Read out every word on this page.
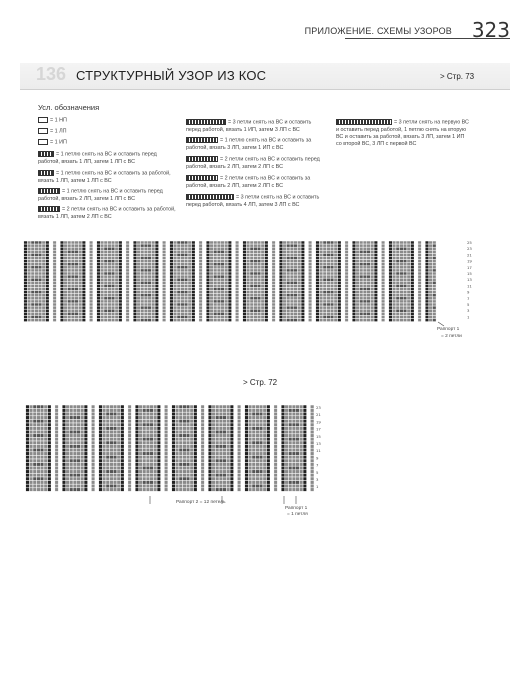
ПРИЛОЖЕНИЕ. СХЕМЫ УЗОРОВ 323
136 СТРУКТУРНЫЙ УЗОР ИЗ КОС	> Стр. 73
Усл. обозначения
= 1 НП
= 1 ЛП
= 1 ИП
= 1 петлю снять на ВС и оставить перед работой, вязать 1 ЛП, затем 1 ЛП с ВС
= 1 петлю снять на ВС и оставить за работой, вязать 1 ЛП, затем 1 ЛП с ВС
= 1 петлю снять на ВС и оставить перед работой, вязать 2 ЛП, затем 1 ЛП с ВС
= 2 петли снять на ВС и оставить за работой, вязать 1 ЛП, затем 2 ЛП с ВС
= 3 петли снять на ВС и оставить перед работой, вязать 1 ИП, затем 3 ЛП с ВС
= 1 петлю снять на ВС и оставить за работой, вязать 3 ЛП, затем 1 ИП с ВС
= 2 петли снять на ВС и оставить перед работой, вязать 2 ЛП, затем 2 ЛП с ВС
= 2 петли снять на ВС и оставить за работой, вязать 2 ЛП, затем 2 ЛП с ВС
= 3 петли снять на ВС и оставить перед работой, вязать 4 ЛП, затем 3 ЛП с ВС
= 3 петли снять на первую ВС и оставить перед работой, 1 петлю снять на вторую ВС и оставить за работой, вязать 3 ЛП, затем 1 ИП со второй ВС, 3 ЛП с первой ВС
25
23
21
19
17
15
13
11
9
7
5
3
1
23
21
19
17
15
13
11
9
7
5
3
1
Раппорт 1
= 2 петли
> Стр. 72
Раппорт 2 = 12 петель
Раппорт 1
= 1 петля
